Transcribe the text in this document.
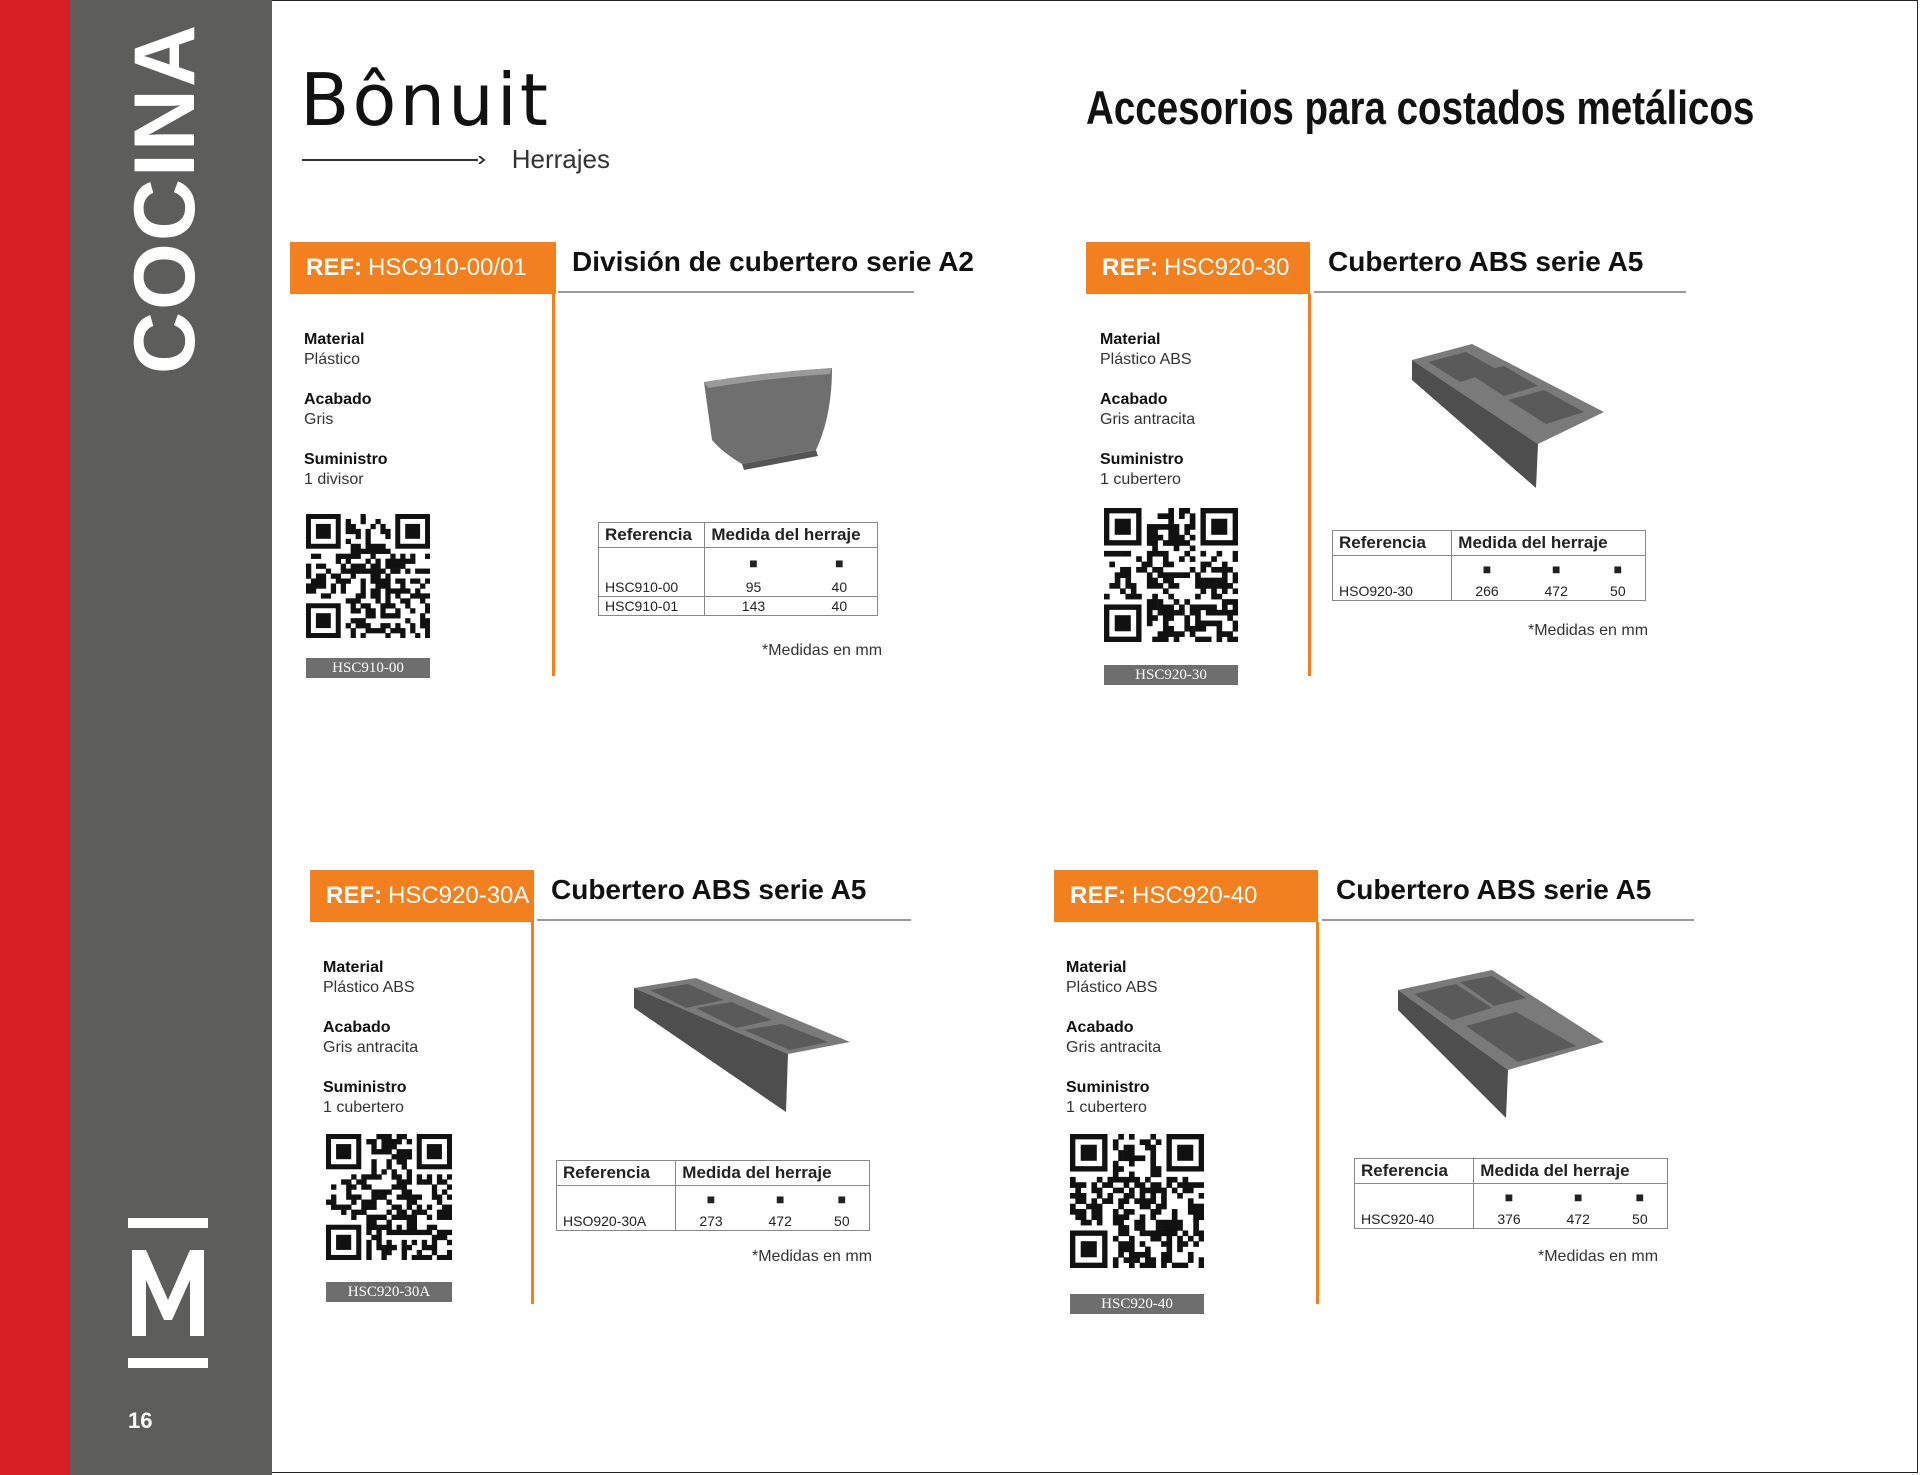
COCINA
16
Bônuit
Herrajes
Accesorios para costados metálicos
REF: HSC910-00/01 División de cubertero serie A2
Material
Plástico
Acabado
Gris
Suministro
1 divisor
HSC910-00
Referencia	Medida del herraje	
	■	■
HSC910-00	95	40
HSC910-01	143	40
*Medidas en mm
REF: HSC920-30 Cubertero ABS serie A5
Material
Plástico ABS
Acabado
Gris antracita
Suministro
1 cubertero
HSC920-30
Referencia	Medida del herraje		
	■	■	■
HSO920-30	266	472	50
*Medidas en mm
REF: HSC920-30A Cubertero ABS serie A5
Material
Plástico ABS
Acabado
Gris antracita
Suministro
1 cubertero
HSC920-30A
Referencia	Medida del herraje		
	■	■	■
HSO920-30A	273	472	50
*Medidas en mm
REF: HSC920-40	Cubertero ABS serie A5
Material
Plástico ABS
Acabado
Gris antracita
Suministro
1 cubertero
HSC920-40
Referencia	Medida del herraje		
	■	■	■
HSC920-40	376	472	50
*Medidas en mm
